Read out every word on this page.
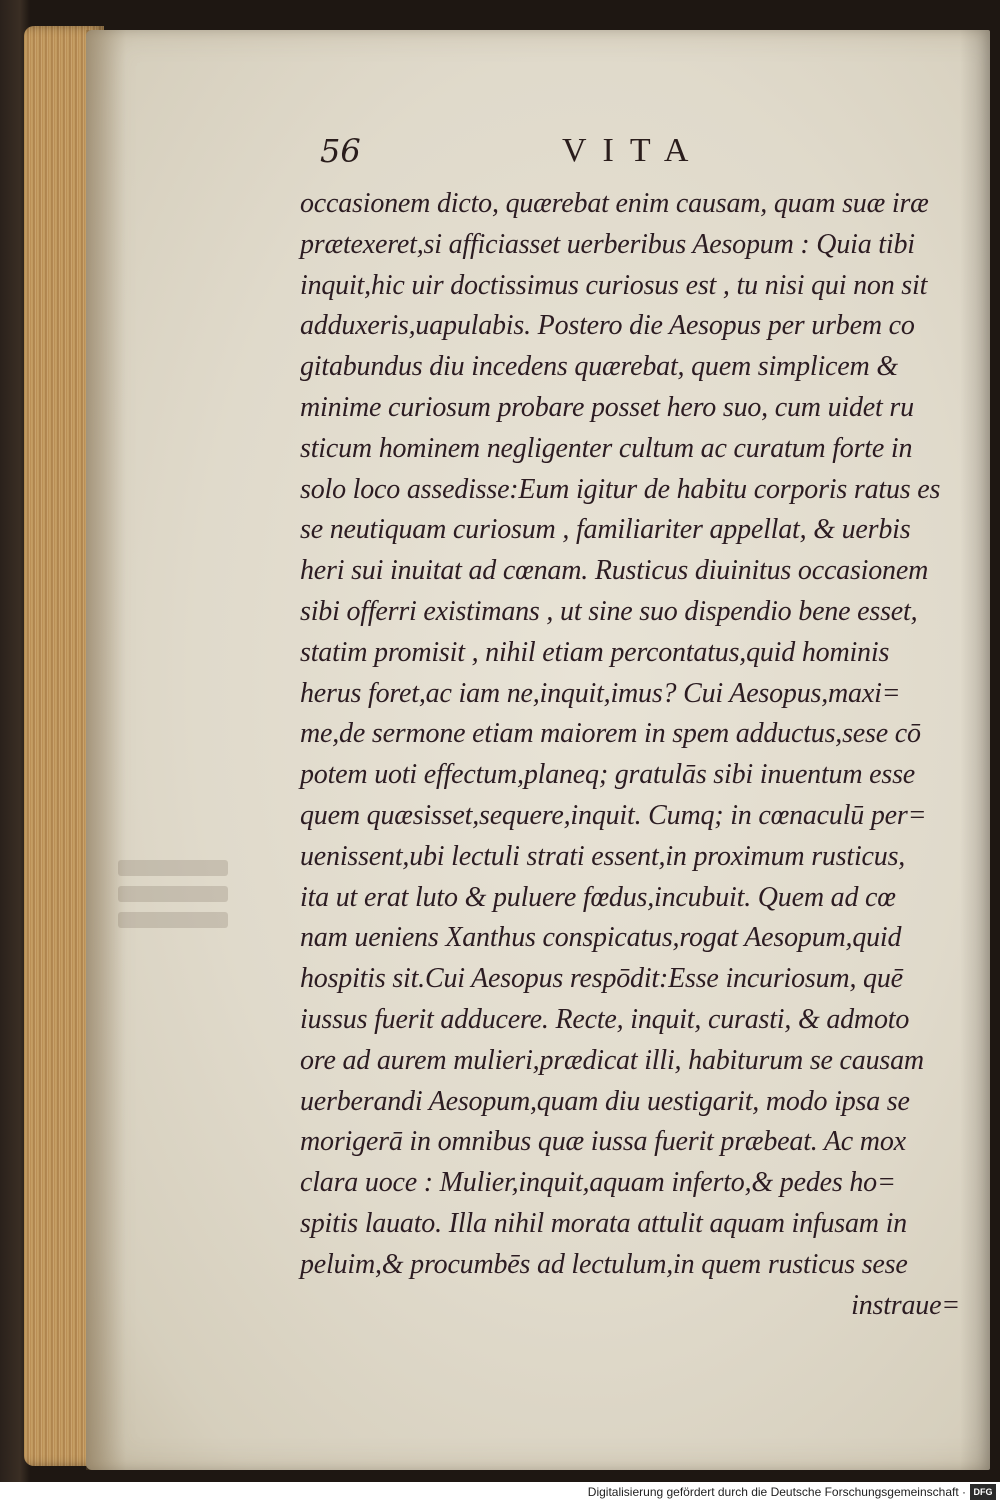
56	VITA
occasionem dicto, quærebat enim causam, quam suæ iræ
prætexeret,si afficiasset uerberibus Aesopum : Quia tibi
inquit,hic uir doctissimus curiosus est , tu nisi qui non sit
adduxeris,uapulabis. Postero die Aesopus per urbem co
gitabundus diu incedens quærebat, quem simplicem &
minime curiosum probare posset hero suo, cum uidet ru
sticum hominem negligenter cultum ac curatum forte in
solo loco assedisse:Eum igitur de habitu corporis ratus es
se neutiquam curiosum , familiariter appellat, & uerbis
heri sui inuitat ad cœnam. Rusticus diuinitus occasionem
sibi offerri existimans , ut sine suo dispendio bene esset,
statim promisit , nihil etiam percontatus,quid hominis
herus foret,ac iam ne,inquit,imus? Cui Aesopus,maxi=
me,de sermone etiam maiorem in spem adductus,sese cō
potem uoti effectum,planeq; gratulās sibi inuentum esse
quem quæsisset,sequere,inquit. Cumq; in cœnaculū per=
uenissent,ubi lectuli strati essent,in proximum rusticus,
ita ut erat luto & puluere fœdus,incubuit. Quem ad cœ
nam ueniens Xanthus conspicatus,rogat Aesopum,quid
hospitis sit.Cui Aesopus respōdit:Esse incuriosum, quē
iussus fuerit adducere. Recte, inquit, curasti, & admoto
ore ad aurem mulieri,prædicat illi, habiturum se causam
uerberandi Aesopum,quam diu uestigarit, modo ipsa se
morigerā in omnibus quæ iussa fuerit præbeat. Ac mox
clara uoce : Mulier,inquit,aquam inferto,& pedes ho=
spitis lauato. Illa nihil morata attulit aquam infusam in
peluim,& procumbēs ad lectulum,in quem rusticus sese
instraue=
Digitalisierung gefördert durch die Deutsche Forschungsgemeinschaft · DFG
